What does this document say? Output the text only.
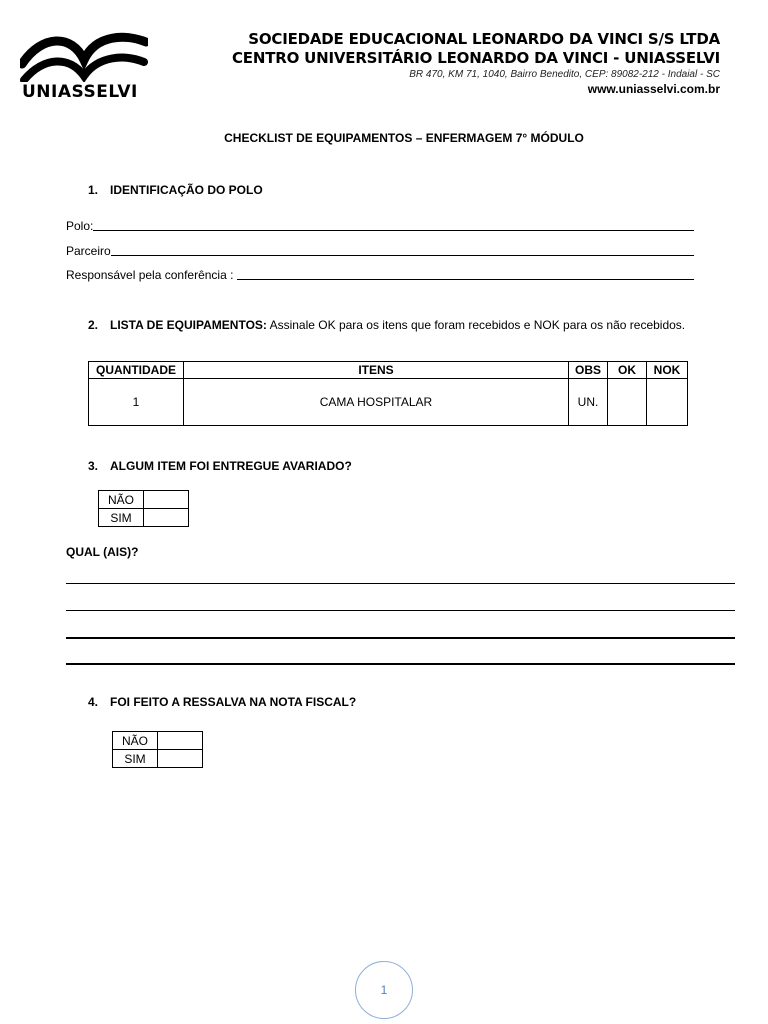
UNIASSELVI
SOCIEDADE EDUCACIONAL LEONARDO DA VINCI S/S LTDA
CENTRO UNIVERSITÁRIO LEONARDO DA VINCI - UNIASSELVI
BR 470, KM 71, 1040, Bairro Benedito, CEP: 89082-212 - Indaial - SC
www.uniasselvi.com.br
CHECKLIST DE EQUIPAMENTOS – ENFERMAGEM 7° MÓDULO
1. IDENTIFICAÇÃO DO POLO
Polo:
Parceiro
Responsável pela conferência :
2. LISTA DE EQUIPAMENTOS: Assinale OK para os itens que foram recebidos e NOK para os não recebidos.
QUANTIDADE	ITENS	OBS	OK	NOK
1	CAMA HOSPITALAR	UN.		
3. ALGUM ITEM FOI ENTREGUE AVARIADO?
NÃO	
SIM	
QUAL (AIS)?
4. FOI FEITO A RESSALVA NA NOTA FISCAL?
NÃO	
SIM	
1
